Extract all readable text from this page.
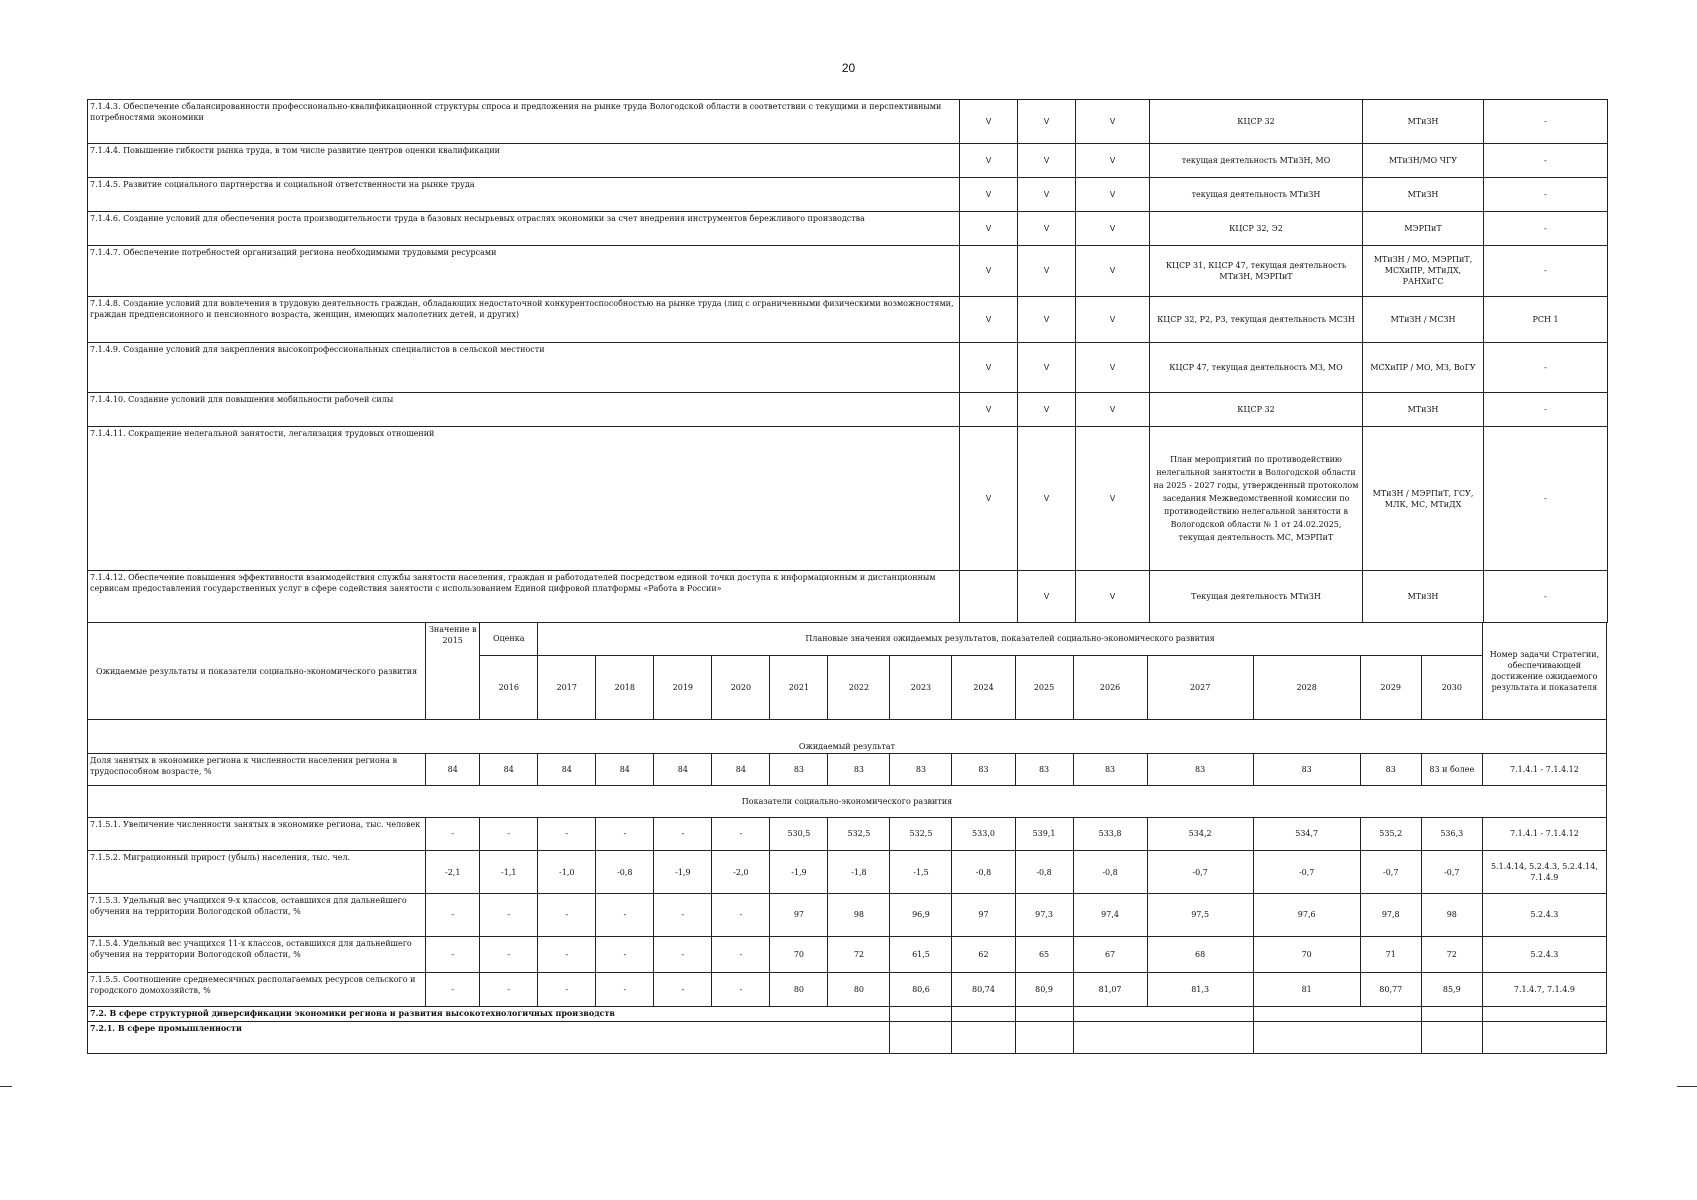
20
7.1.4.3. Обеспечение сбалансированности профессионально-квалификационной структуры спроса и предложения на рынке труда Вологодской области в соответствии с текущими и перспективными потребностями экономики	V	V	V	КЦСР 32	МТиЗН	-
7.1.4.4. Повышение гибкости рынка труда, в том числе развитие центров оценки квалификации	V	V	V	текущая деятельность МТиЗН, МО	МТиЗН/МО ЧГУ	-
7.1.4.5. Развитие социального партнерства и социальной ответственности на рынке труда	V	V	V	текущая деятельность МТиЗН	МТиЗН	-
7.1.4.6. Создание условий для обеспечения роста производительности труда в базовых несырьевых отраслях экономики за счет внедрения инструментов бережливого производства	V	V	V	КЦСР 32, Э2	МЭРПиТ	-
7.1.4.7. Обеспечение потребностей организаций региона необходимыми трудовыми ресурсами	V	V	V	КЦСР 31, КЦСР 47, текущая деятельность МТиЗН, МЭРПиТ	МТиЗН / МО, МЭРПиТ, МСХиПР, МТиДХ, РАНХиГС	-
7.1.4.8. Создание условий для вовлечения в трудовую деятельность граждан, обладающих недостаточной конкурентоспособностью на рынке труда (лиц с ограниченными физическими возможностями, граждан предпенсионного и пенсионного возраста, женщин, имеющих малолетних детей, и других)	V	V	V	КЦСР 32, Р2, Р3, текущая деятельность МСЗН	МТиЗН / МСЗН	РСН 1
7.1.4.9. Создание условий для закрепления высокопрофессиональных специалистов в сельской местности	V	V	V	КЦСР 47, текущая деятельность МЗ, МО	МСХиПР / МО, МЗ, ВоГУ	-
7.1.4.10. Создание условий для повышения мобильности рабочей силы	V	V	V	КЦСР 32	МТиЗН	-
7.1.4.11. Сокращение нелегальной занятости, легализация трудовых отношений	V	V	V	План мероприятий по противодействию нелегальной занятости в Вологодской области на 2025 - 2027 годы, утвержденный протоколом заседания Межведомственной комиссии по противодействию нелегальной занятости в Вологодской области № 1 от 24.02.2025, текущая деятельность МС, МЭРПиТ	МТиЗН / МЭРПиТ, ГСУ, МЛК, МС, МТиДХ	-
7.1.4.12. Обеспечение повышения эффективности взаимодействия службы занятости населения, граждан и работодателей посредством единой точки доступа к информационным и дистанционным сервисам предоставления государственных услуг в сфере содействия занятости с использованием Единой цифровой платформы «Работа в России»		V	V	Текущая деятельность МТиЗН	МТиЗН	-
Ожидаемые результаты и показатели социально-экономического развития	Значение в 2015	Оценка	Плановые значения ожидаемых результатов, показателей социально-экономического развития														Номер задачи Стратегии, обеспечивающей достижение ожидаемого результата и показателя
		2016	2017	2018	2019	2020	2021	2022	2023	2024	2025	2026	2027	2028	2029	2030	
Ожидаемый результат																	
Доля занятых в экономике региона к численности населения региона в трудоспособном возрасте, %	84	84	84	84	84	84	83	83	83	83	83	83	83	83	83	83 и более	7.1.4.1 - 7.1.4.12
Показатели социально-экономического развития																	
7.1.5.1. Увеличение численности занятых в экономике региона, тыс. человек	-	-	-	-	-	-	530,5	532,5	532,5	533,0	539,1	533,8	534,2	534,7	535,2	536,3	7.1.4.1 - 7.1.4.12
7.1.5.2. Миграционный прирост (убыль) населения, тыс. чел.	-2,1	-1,1	-1,0	-0,8	-1,9	-2,0	-1,9	-1,8	-1,5	-0,8	-0,8	-0,8	-0,7	-0,7	-0,7	-0,7	5.1.4.14, 5.2.4.3, 5.2.4.14, 7.1.4.9
7.1.5.3. Удельный вес учащихся 9-х классов, оставшихся для дальнейшего обучения на территории Вологодской области, %	-	-	-	-	-	-	97	98	96,9	97	97,3	97,4	97,5	97,6	97,8	98	5.2.4.3
7.1.5.4. Удельный вес учащихся 11-х классов, оставшихся для дальнейшего обучения на территории Вологодской области, %	-	-	-	-	-	-	70	72	61,5	62	65	67	68	70	71	72	5.2.4.3
7.1.5.5. Соотношение среднемесячных располагаемых ресурсов сельского и городского домохозяйств, %	-	-	-	-	-	-	80	80	80,6	80,74	80,9	81,07	81,3	81	80,77	85,9	7.1.4.7, 7.1.4.9
7.2. В сфере структурной диверсификации экономики региона и развития высокотехнологичных производств																	
7.2.1. В сфере промышленности																	
